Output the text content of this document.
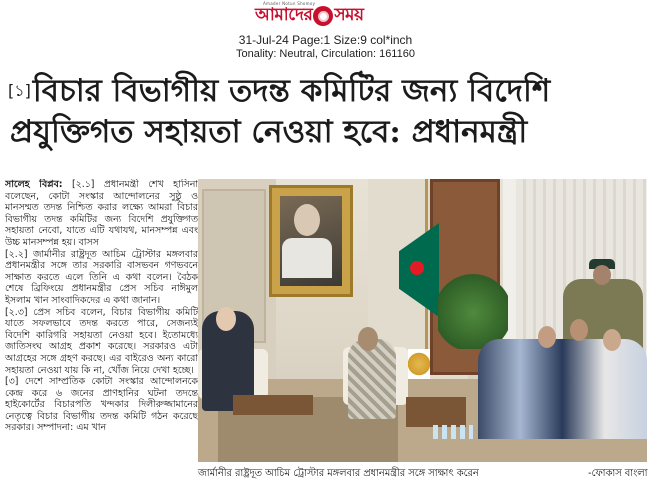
Amader Notun Shomoy
আমাদের সময়
31-Jul-24 Page:1 Size:9 col*inch
Tonality: Neutral, Circulation: 161160
[১]বিচার বিভাগীয় তদন্ত কমিটির জন্য বিদেশি
প্রযুক্তিগত সহায়তা নেওয়া হবে: প্রধানমন্ত্রী

সালেহ বিপ্লব: [২.১] প্রধানমন্ত্রী শেখ হাসিনা বলেছেন, কোটা সংস্কার আন্দোলনের সুষ্ঠু ও মানসম্মত তদন্ত নিশ্চিত করার লক্ষ্যে আমরা বিচার বিভাগীয় তদন্ত কমিটির জন্য বিদেশি প্রযুক্তিগত সহায়তা নেবো, যাতে এটি যথাযথ, মানসম্পন্ন এবং উচ্চ মানসম্পন্ন হয়। বাসস

[২.২] জার্মানীর রাষ্ট্রদূত আচিম ট্রোস্টার মঙ্গলবার প্রধানমন্ত্রীর সঙ্গে তার সরকারি বাসভবন গণভবনে সাক্ষাত করতে এলে তিনি এ কথা বলেন। বৈঠক শেষে ব্রিফিংয়ে প্রধানমন্ত্রীর প্রেস সচিব নাঈমুল ইসলাম খান সাংবাদিকদের এ কথা জানান।

[২.৩] প্রেস সচিব বলেন, বিচার বিভাগীয় কমিটি যাতে সফলভাবে তদন্ত করতে পারে, সেজন্যই বিদেশি কারিগরি সহায়তা নেওয়া হবে। ইতোমধ্যে জাতিসংঘ আগ্রহ প্রকাশ করেছে। সরকারও এটা আগ্রহের সঙ্গে গ্রহণ করছে। এর বাইরেও অন্য কারো সহায়তা নেওয়া যায় কি না, খোঁজ নিয়ে দেখা হচ্ছে।

[৩] দেশে সাম্প্রতিক কোটা সংস্কার আন্দোলনকে কেন্দ্র করে ৬ জনের প্রাণহানির ঘটনা তদন্তে হাইকোর্টের বিচারপতি খন্দকার দিলীরুজ্জামানের নেতৃত্বে বিচার বিভাগীয় তদন্ত কমিটি গঠন করেছে সরকার। সম্পাদনা: এম খান

জার্মানীর রাষ্ট্রদূত আচিম ট্রোস্টার মঙ্গলবার প্রধানমন্ত্রীর সঙ্গে সাক্ষাৎ করেন	-ফোকাস বাংলা
